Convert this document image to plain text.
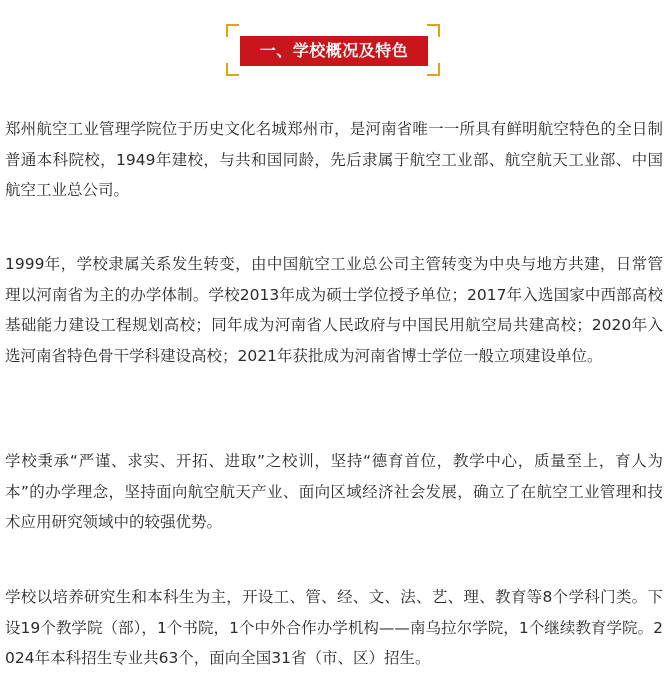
一、学校概况及特色

郑州航空工业管理学院位于历史文化名城郑州市，是河南省唯一一所具有鲜明航空特色的全日制普通本科院校，1949年建校，与共和国同龄，先后隶属于航空工业部、航空航天工业部、中国航空工业总公司。

1999年，学校隶属关系发生转变，由中国航空工业总公司主管转变为中央与地方共建，日常管理以河南省为主的办学体制。学校2013年成为硕士学位授予单位；2017年入选国家中西部高校基础能力建设工程规划高校；同年成为河南省人民政府与中国民用航空局共建高校；2020年入选河南省特色骨干学科建设高校；2021年获批成为河南省博士学位一般立项建设单位。

学校秉承“严谨、求实、开拓、进取”之校训，坚持“德育首位，教学中心，质量至上，育人为本”的办学理念，坚持面向航空航天产业、面向区域经济社会发展，确立了在航空工业管理和技术应用研究领域中的较强优势。

学校以培养研究生和本科生为主，开设工、管、经、文、法、艺、理、教育等8个学科门类。下设19个教学院（部），1个书院，1个中外合作办学机构——南乌拉尔学院，1个继续教育学院。2024年本科招生专业共63个，面向全国31省（市、区）招生。
